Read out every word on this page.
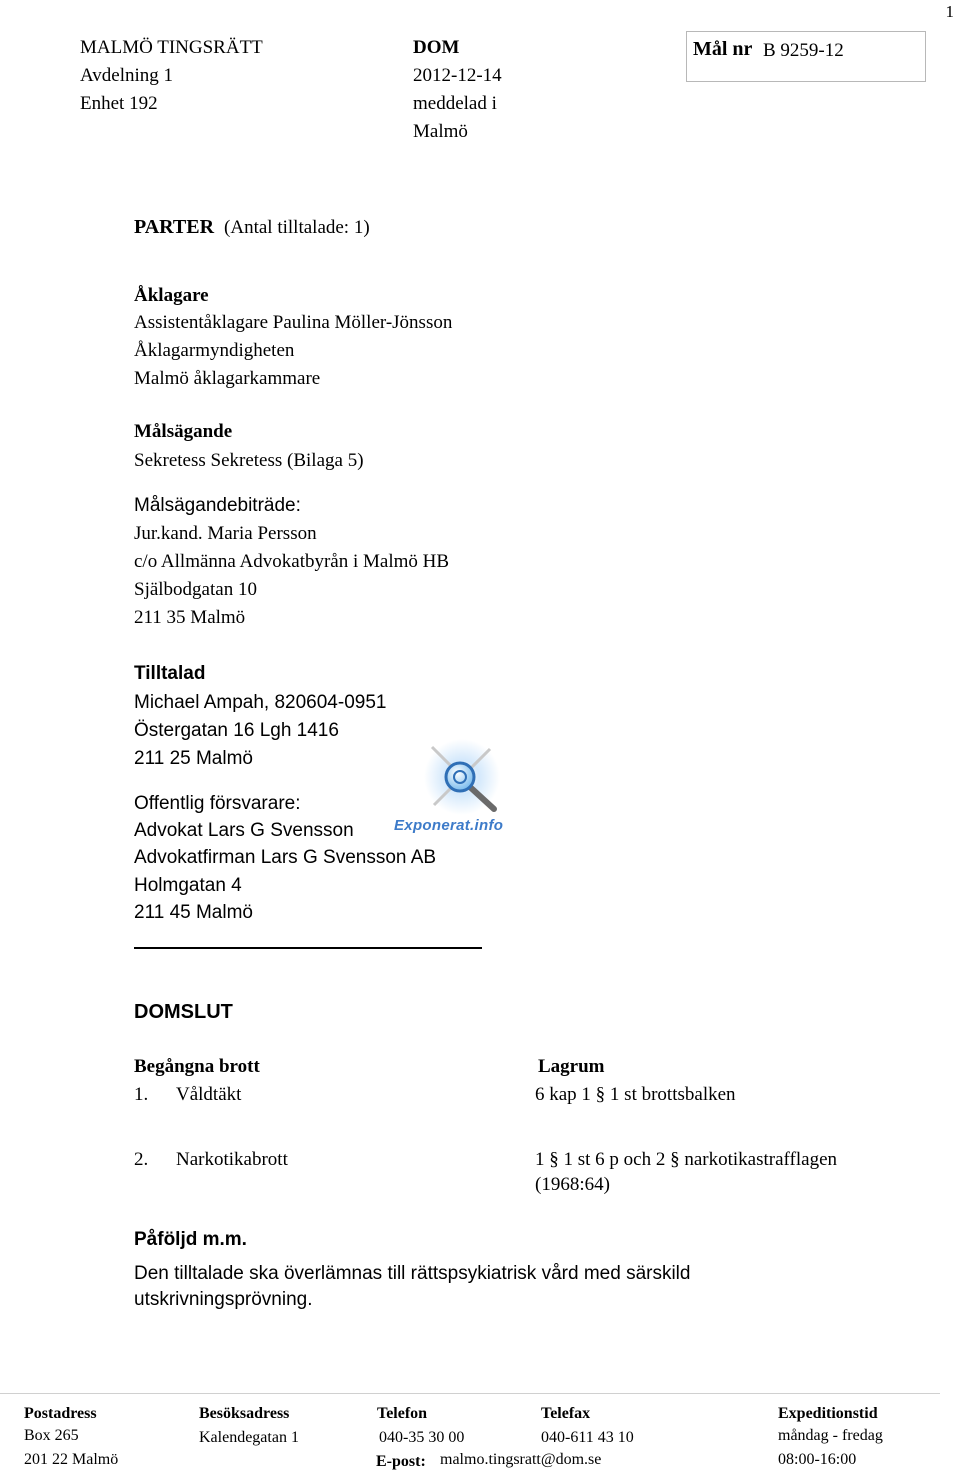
1
MALMÖ TINGSRÄTT
Avdelning 1
Enhet 192
DOM
2012-12-14
meddelad i
Malmö
Mål nr B 9259-12
PARTER (Antal tilltalade: 1)
Åklagare
Assistentåklagare Paulina Möller-Jönsson
Åklagarmyndigheten
Malmö åklagarkammare
Målsägande
Sekretess Sekretess (Bilaga 5)
Målsägandebiträde:
Jur.kand. Maria Persson
c/o Allmänna Advokatbyrån i Malmö HB
Själbodgatan 10
211 35 Malmö
Tilltalad
Michael Ampah, 820604-0951
Östergatan 16 Lgh 1416
211 25 Malmö
Offentlig försvarare:
Advokat Lars G Svensson
Advokatfirman Lars G Svensson AB
Holmgatan 4
211 45 Malmö
Exponerat.info
DOMSLUT
Begångna brott	Lagrum
1. Våldtäkt	6 kap 1 § 1 st brottsbalken
2. Narkotikabrott	1 § 1 st 6 p och 2 § narkotikastrafflagen
(1968:64)
Påföljd m.m.
Den tilltalade ska överlämnas till rättspsykiatrisk vård med särskild
utskrivningsprövning.
Postadress
Box 265
201 22 Malmö
Besöksadress
Kalendegatan 1
Telefon
040-35 30 00
E-post: malmo.tingsratt@dom.se
Telefax
040-611 43 10
Expeditionstid
måndag - fredag
08:00-16:00
